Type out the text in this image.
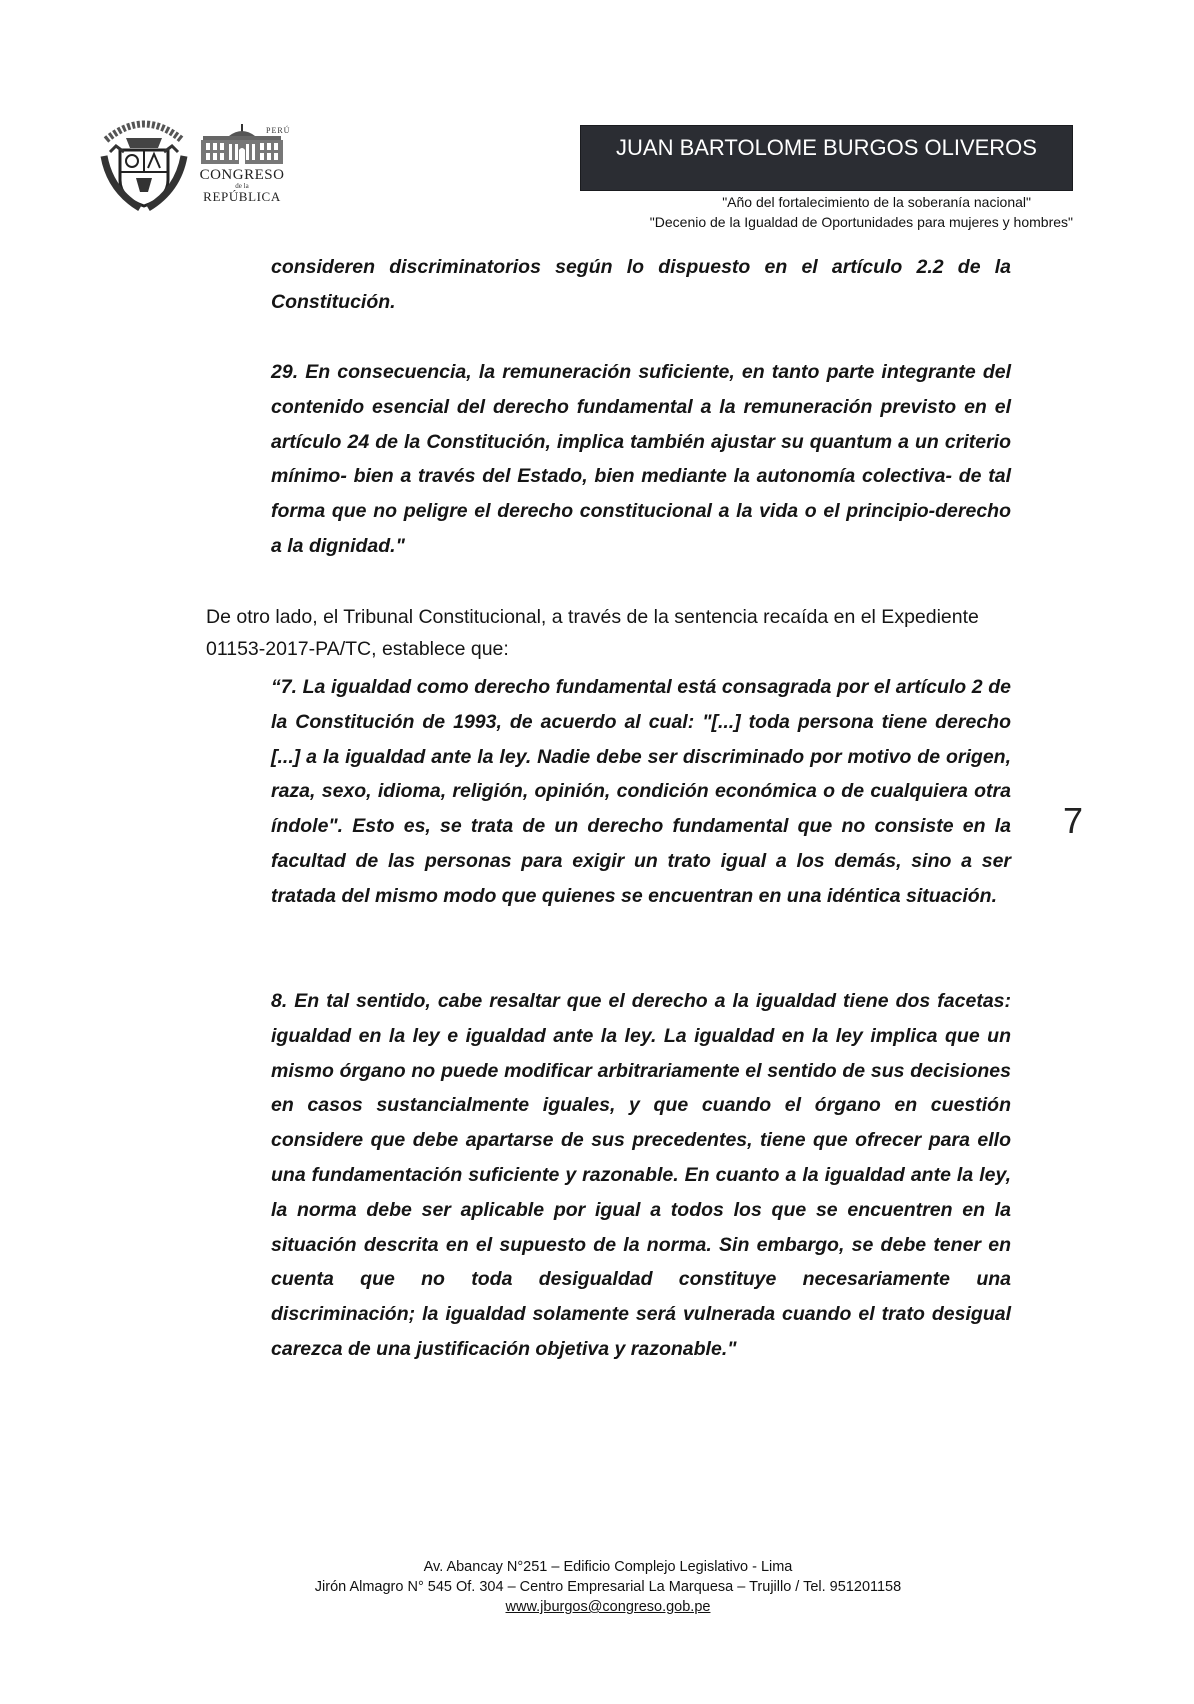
CONGRESO
de la
REPÚBLICA
PERÚ
JUAN BARTOLOME BURGOS OLIVEROS
"Año del fortalecimiento de la soberanía nacional"
"Decenio de la Igualdad de Oportunidades para mujeres y hombres"

consideren discriminatorios según lo dispuesto en el artículo 2.2 de la Constitución.

29. En consecuencia, la remuneración suficiente, en tanto parte integrante del contenido esencial del derecho fundamental a la remuneración previsto en el artículo 24 de la Constitución, implica también ajustar su quantum a un criterio mínimo- bien a través del Estado, bien mediante la autonomía colectiva- de tal forma que no peligre el derecho constitucional a la vida o el principio-derecho a la dignidad."

De otro lado, el Tribunal Constitucional, a través de la sentencia recaída en el Expediente 01153-2017-PA/TC, establece que:

“7. La igualdad como derecho fundamental está consagrada por el artículo 2 de la Constitución de 1993, de acuerdo al cual: "[...] toda persona tiene derecho [...] a la igualdad ante la ley. Nadie debe ser discriminado por motivo de origen, raza, sexo, idioma, religión, opinión, condición económica o de cualquiera otra índole". Esto es, se trata de un derecho fundamental que no consiste en la facultad de las personas para exigir un trato igual a los demás, sino a ser tratada del mismo modo que quienes se encuentran en una idéntica situación.

8. En tal sentido, cabe resaltar que el derecho a la igualdad tiene dos facetas: igualdad en la ley e igualdad ante la ley. La igualdad en la ley implica que un mismo órgano no puede modificar arbitrariamente el sentido de sus decisiones en casos sustancialmente iguales, y que cuando el órgano en cuestión considere que debe apartarse de sus precedentes, tiene que ofrecer para ello una fundamentación suficiente y razonable. En cuanto a la igualdad ante la ley, la norma debe ser aplicable por igual a todos los que se encuentren en la situación descrita en el supuesto de la norma. Sin embargo, se debe tener en cuenta que no toda desigualdad constituye necesariamente una discriminación; la igualdad solamente será vulnerada cuando el trato desigual carezca de una justificación objetiva y razonable."

7
Av. Abancay N°251 – Edificio Complejo Legislativo - Lima
Jirón Almagro N° 545 Of. 304 – Centro Empresarial La Marquesa – Trujillo / Tel. 951201158
www.jburgos@congreso.gob.pe
